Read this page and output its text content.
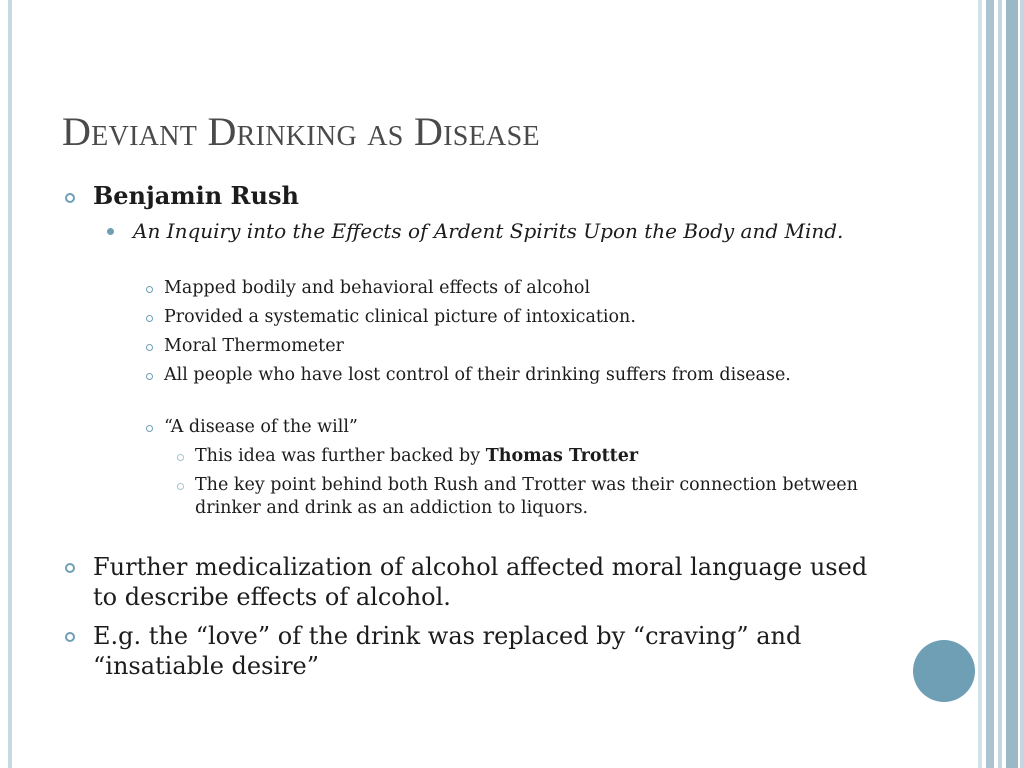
Deviant Drinking as Disease
Benjamin Rush
An Inquiry into the Effects of Ardent Spirits Upon the Body and Mind.
Mapped bodily and behavioral effects of alcohol
Provided a systematic clinical picture of intoxication.
Moral Thermometer
All people who have lost control of their drinking suffers from disease.
“A disease of the will”
This idea was further backed by Thomas Trotter
The key point behind both Rush and Trotter was their connection between drinker and drink as an addiction to liquors.
Further medicalization of alcohol affected moral language used to describe effects of alcohol.
E.g. the “love” of the drink was replaced by “craving” and “insatiable desire”
